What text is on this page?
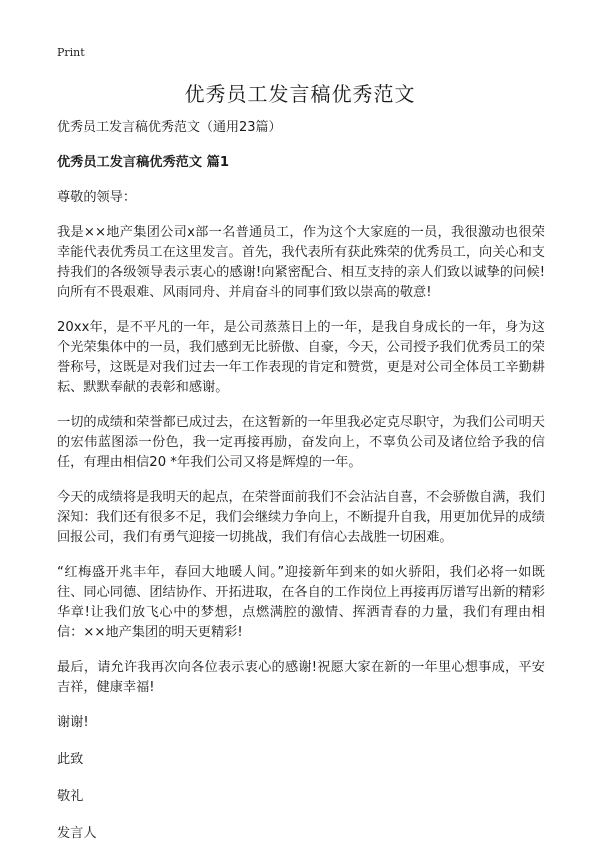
Print
优秀员工发言稿优秀范文

优秀员工发言稿优秀范文（通用23篇）

优秀员工发言稿优秀范文 篇1

尊敬的领导：

我是××地产集团公司x部一名普通员工，作为这个大家庭的一员，我很激动也很荣幸能代表优秀员工在这里发言。首先，我代表所有获此殊荣的优秀员工，向关心和支持我们的各级领导表示衷心的感谢!向紧密配合、相互支持的亲人们致以诚挚的问候!向所有不畏艰难、风雨同舟、并肩奋斗的同事们致以崇高的敬意!

20xx年，是不平凡的一年，是公司蒸蒸日上的一年，是我自身成长的一年，身为这个光荣集体中的一员，我们感到无比骄傲、自豪，今天，公司授予我们优秀员工的荣誉称号，这既是对我们过去一年工作表现的肯定和赞赏，更是对公司全体员工辛勤耕耘、默默奉献的表彰和感谢。

一切的成绩和荣誉都已成过去，在这暂新的一年里我必定克尽职守，为我们公司明天的宏伟蓝图添一份色，我一定再接再励，奋发向上，不辜负公司及诸位给予我的信任，有理由相信20 *年我们公司又将是辉煌的一年。

今天的成绩将是我明天的起点，在荣誉面前我们不会沾沾自喜，不会骄傲自满，我们深知：我们还有很多不足，我们会继续力争向上，不断提升自我，用更加优异的成绩回报公司，我们有勇气迎接一切挑战，我们有信心去战胜一切困难。

“红梅盛开兆丰年，春回大地暖人间。”迎接新年到来的如火骄阳，我们必将一如既往、同心同德、团结协作、开拓进取，在各自的工作岗位上再接再厉谱写出新的精彩华章!让我们放飞心中的梦想，点燃满腔的激情、挥洒青春的力量，我们有理由相信：××地产集团的明天更精彩!

最后，请允许我再次向各位表示衷心的感谢!祝愿大家在新的一年里心想事成，平安吉祥，健康幸福!

谢谢!

此致

敬礼

发言人
